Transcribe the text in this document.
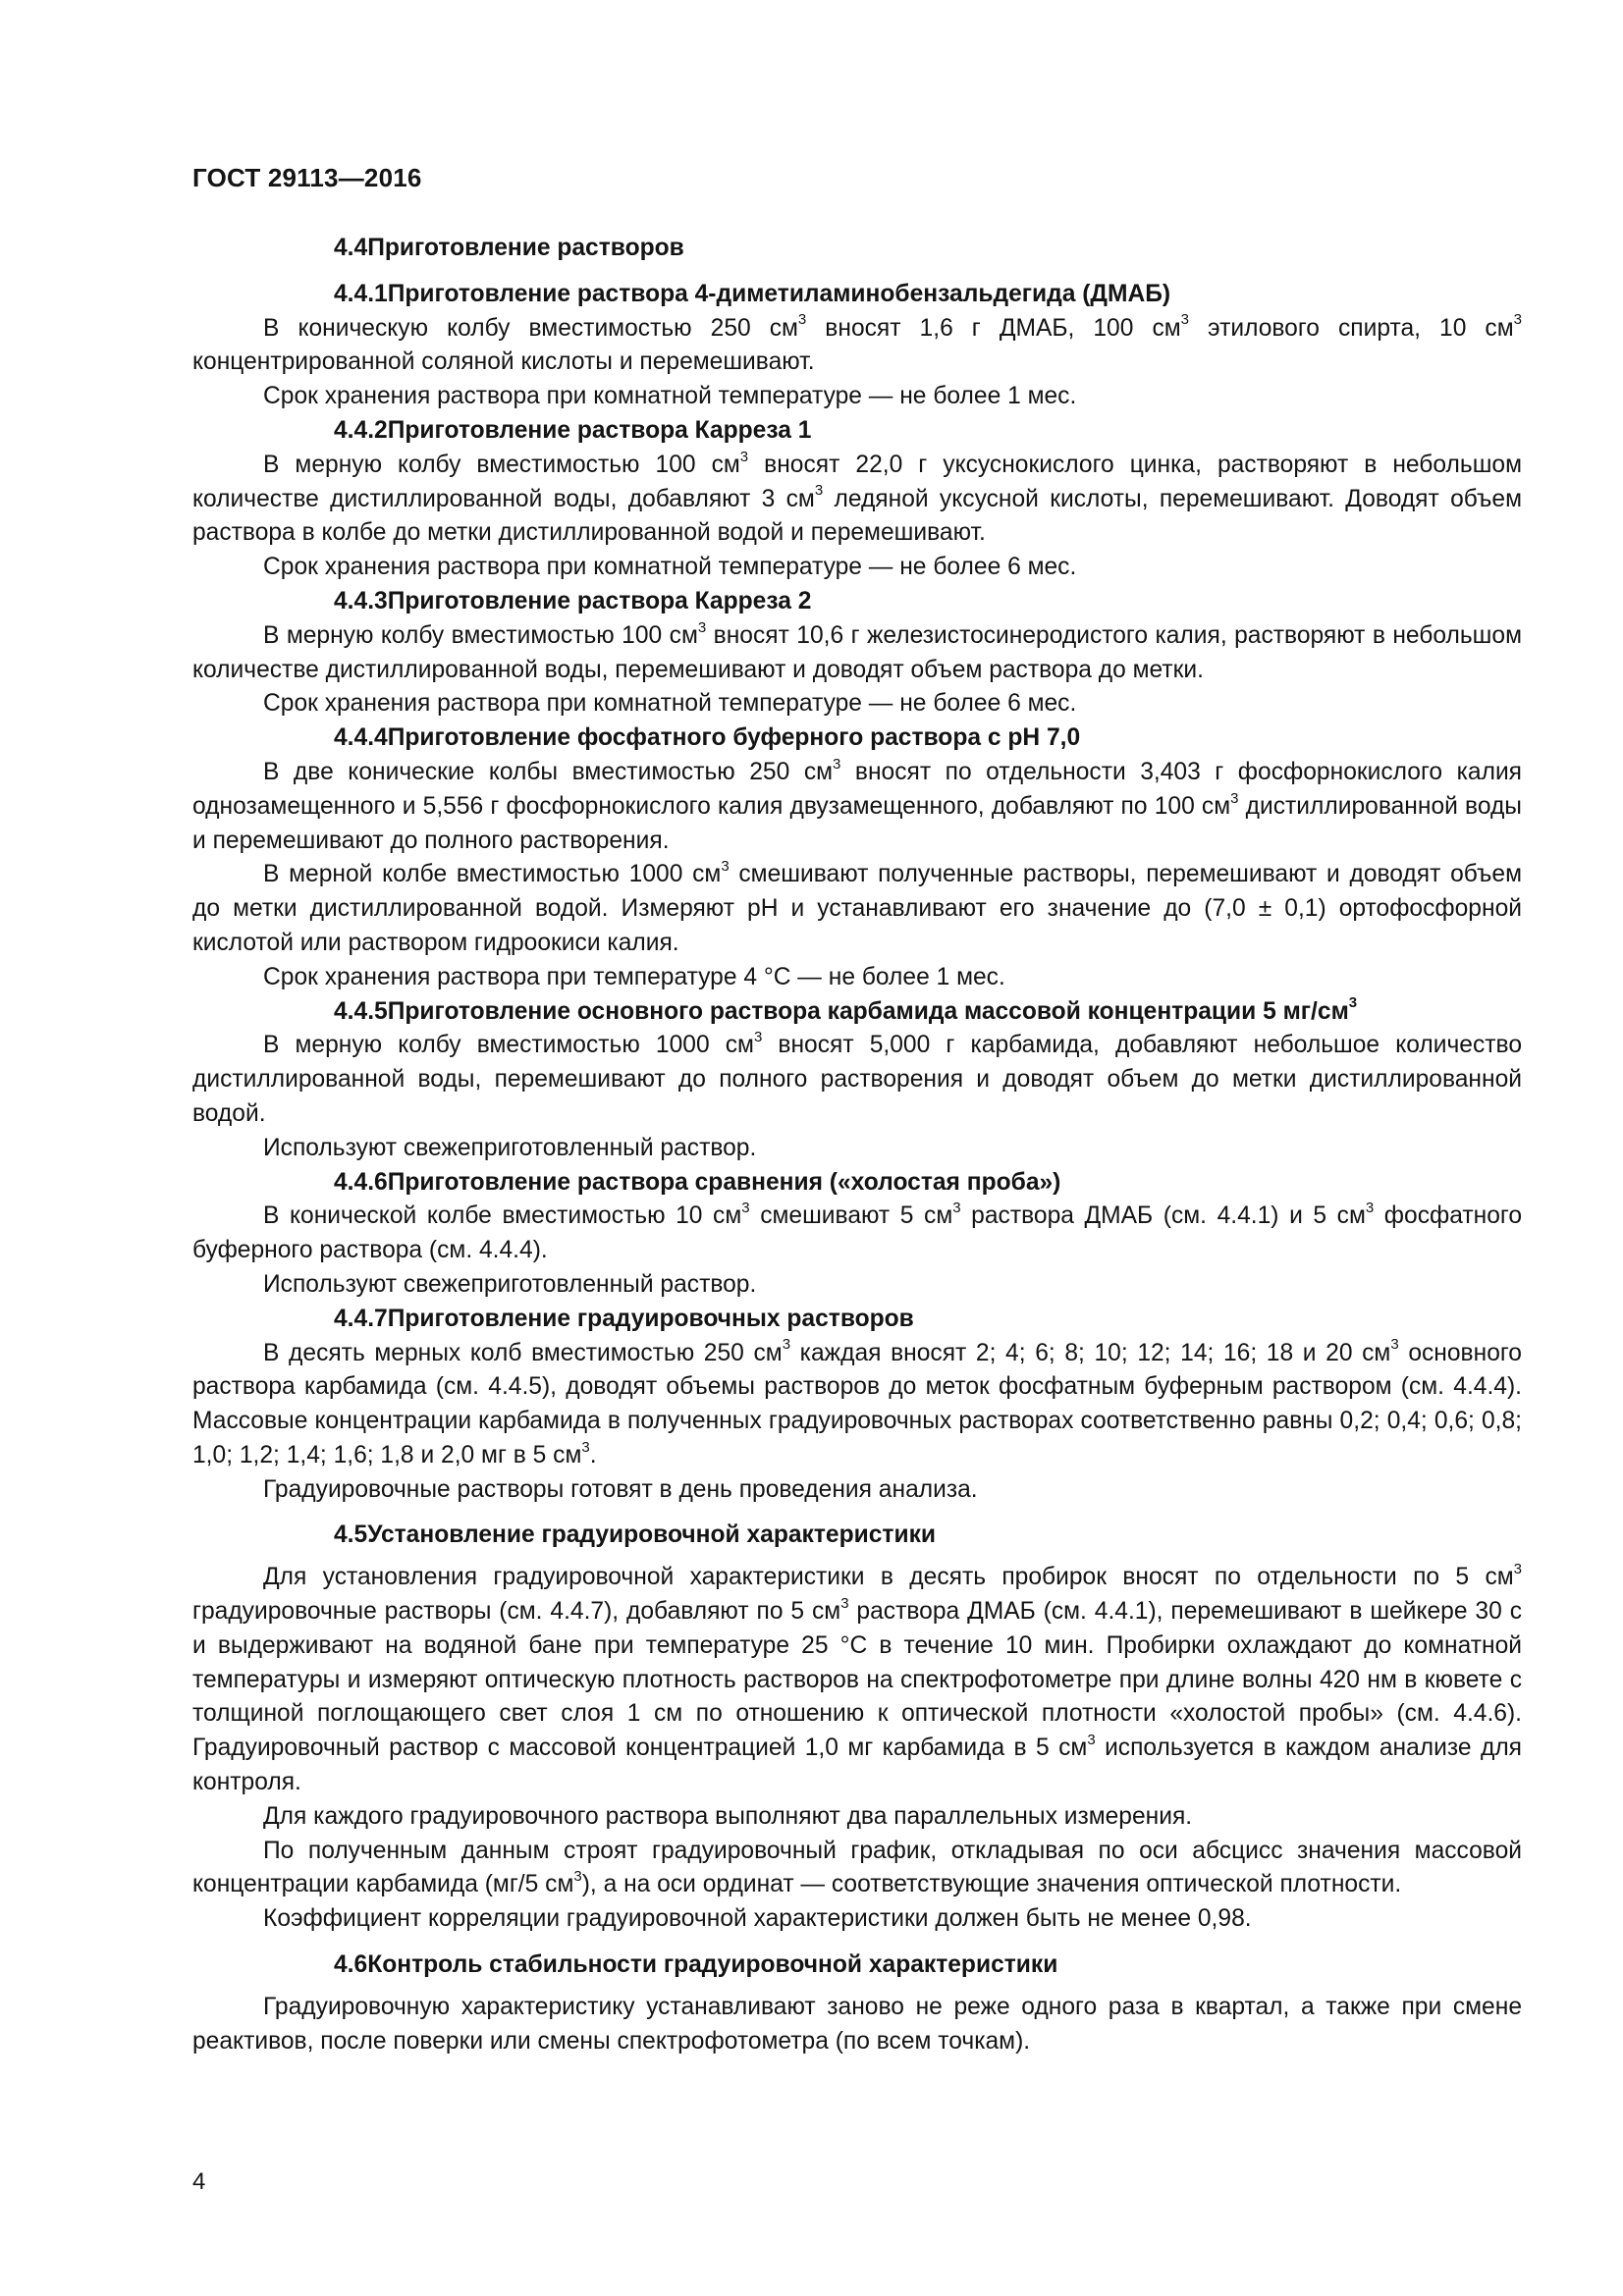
ГОСТ 29113—2016

4.4Приготовление растворов

4.4.1Приготовление раствора 4-диметиламинобензальдегида (ДМАБ)

В коническую колбу вместимостью 250 $см^3$ вносят 1,6 г ДМАБ, 100 $см^3$ этилового спирта, 10 $см^3$ концентрированной соляной кислоты и перемешивают.

Срок хранения раствора при комнатной температуре — не более 1 мес.

4.4.2Приготовление раствора Карреза 1

В мерную колбу вместимостью 100 $см^3$ вносят 22,0 г уксуснокислого цинка, растворяют в небольшом количестве дистиллированной воды, добавляют 3 $см^3$ ледяной уксусной кислоты, перемешивают. Доводят объем раствора в колбе до метки дистиллированной водой и перемешивают.

Срок хранения раствора при комнатной температуре — не более 6 мес.

4.4.3Приготовление раствора Карреза 2

В мерную колбу вместимостью 100 $см^3$ вносят 10,6 г железистосинеродистого калия, растворяют в небольшом количестве дистиллированной воды, перемешивают и доводят объем раствора до метки.

Срок хранения раствора при комнатной температуре — не более 6 мес.

4.4.4Приготовление фосфатного буферного раствора с pH 7,0

В две конические колбы вместимостью 250 $см^3$ вносят по отдельности 3,403 г фосфорнокислого калия однозамещенного и 5,556 г фосфорнокислого калия двузамещенного, добавляют по 100 $см^3$ дистиллированной воды и перемешивают до полного растворения.

В мерной колбе вместимостью 1000 $см^3$ смешивают полученные растворы, перемешивают и доводят объем до метки дистиллированной водой. Измеряют pH и устанавливают его значение до (7,0 ± 0,1) ортофосфорной кислотой или раствором гидроокиси калия.

Срок хранения раствора при температуре 4 °С — не более 1 мес.

4.4.5Приготовление основного раствора карбамида массовой концентрации 5 $мг/см^3$

В мерную колбу вместимостью 1000 $см^3$ вносят 5,000 г карбамида, добавляют небольшое количество дистиллированной воды, перемешивают до полного растворения и доводят объем до метки дистиллированной водой.

Используют свежеприготовленный раствор.

4.4.6Приготовление раствора сравнения («холостая проба»)

В конической колбе вместимостью 10 $см^3$ смешивают 5 $см^3$ раствора ДМАБ (см. 4.4.1) и 5 $см^3$ фосфатного буферного раствора (см. 4.4.4).

Используют свежеприготовленный раствор.

4.4.7Приготовление градуировочных растворов

В десять мерных колб вместимостью 250 $см^3$ каждая вносят 2; 4; 6; 8; 10; 12; 14; 16; 18 и 20 $см^3$ основного раствора карбамида (см. 4.4.5), доводят объемы растворов до меток фосфатным буферным раствором (см. 4.4.4). Массовые концентрации карбамида в полученных градуировочных растворах соответственно равны 0,2; 0,4; 0,6; 0,8; 1,0; 1,2; 1,4; 1,6; 1,8 и 2,0 мг в 5 $см^3$.

Градуировочные растворы готовят в день проведения анализа.

4.5Установление градуировочной характеристики

Для установления градуировочной характеристики в десять пробирок вносят по отдельности по 5 $см^3$ градуировочные растворы (см. 4.4.7), добавляют по 5 $см^3$ раствора ДМАБ (см. 4.4.1), перемешивают в шейкере 30 с и выдерживают на водяной бане при температуре 25 °С в течение 10 мин. Пробирки охлаждают до комнатной температуры и измеряют оптическую плотность растворов на спектрофотометре при длине волны 420 нм в кювете с толщиной поглощающего свет слоя 1 см по отношению к оптической плотности «холостой пробы» (см. 4.4.6). Градуировочный раствор с массовой концентрацией 1,0 мг карбамида в 5 $см^3$ используется в каждом анализе для контроля.

Для каждого градуировочного раствора выполняют два параллельных измерения.

По полученным данным строят градуировочный график, откладывая по оси абсцисс значения массовой концентрации карбамида (мг/5 $см^3$), а на оси ординат — соответствующие значения оптической плотности.

Коэффициент корреляции градуировочной характеристики должен быть не менее 0,98.

4.6Контроль стабильности градуировочной характеристики

Градуировочную характеристику устанавливают заново не реже одного раза в квартал, а также при смене реактивов, после поверки или смены спектрофотометра (по всем точкам).

4
